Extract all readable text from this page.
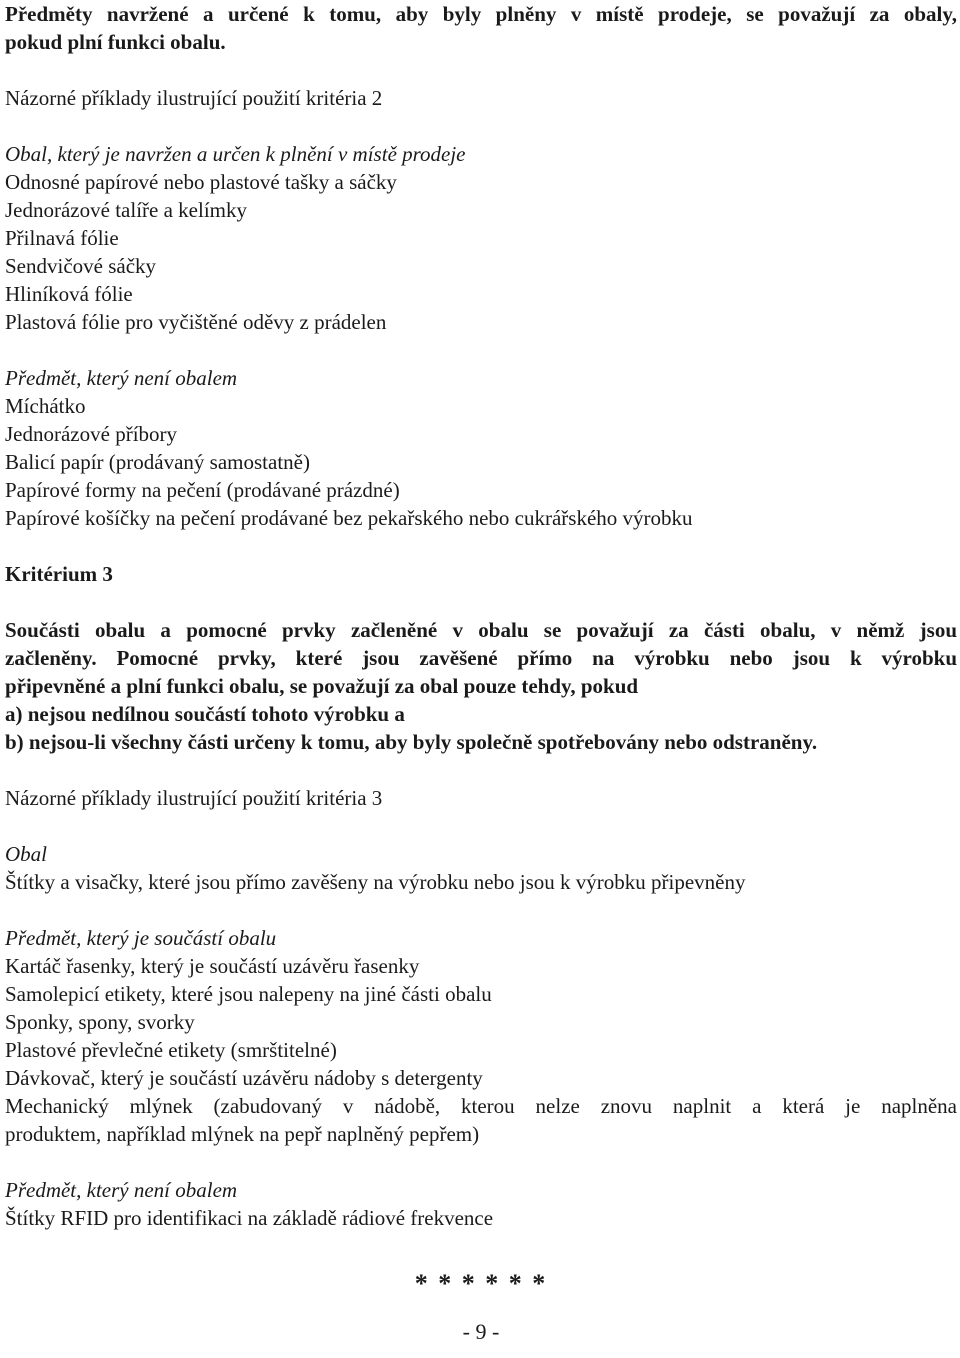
Předměty navržené a určené k tomu, aby byly plněny v místě prodeje, se považují za obaly,

pokud plní funkci obalu.

Názorné příklady ilustrující použití kritéria 2

Obal, který je navržen a určen k plnění v místě prodeje

Odnosné papírové nebo plastové tašky a sáčky

Jednorázové talíře a kelímky

Přilnavá fólie

Sendvičové sáčky

Hliníková fólie

Plastová fólie pro vyčištěné oděvy z prádelen

Předmět, který není obalem

Míchátko

Jednorázové příbory

Balicí papír (prodávaný samostatně)

Papírové formy na pečení (prodávané prázdné)

Papírové košíčky na pečení prodávané bez pekařského nebo cukrářského výrobku

Kritérium 3

Součásti obalu a pomocné prvky začleněné v obalu se považují za části obalu, v němž jsou

začleněny. Pomocné prvky, které jsou zavěšené přímo na výrobku nebo jsou k výrobku

připevněné a plní funkci obalu, se považují za obal pouze tehdy, pokud

a) nejsou nedílnou součástí tohoto výrobku a

b) nejsou-li všechny části určeny k tomu, aby byly společně spotřebovány nebo odstraněny.

Názorné příklady ilustrující použití kritéria 3

Obal

Štítky a visačky, které jsou přímo zavěšeny na výrobku nebo jsou k výrobku připevněny

Předmět, který je součástí obalu

Kartáč řasenky, který je součástí uzávěru řasenky

Samolepicí etikety, které jsou nalepeny na jiné části obalu

Sponky, spony, svorky

Plastové převlečné etikety (smrštitelné)

Dávkovač, který je součástí uzávěru nádoby s detergenty

Mechanický mlýnek (zabudovaný v nádobě, kterou nelze znovu naplnit a která je naplněna

produktem, například mlýnek na pepř naplněný pepřem)

Předmět, který není obalem

Štítky RFID pro identifikaci na základě rádiové frekvence

* * * * * *

- 9 -
